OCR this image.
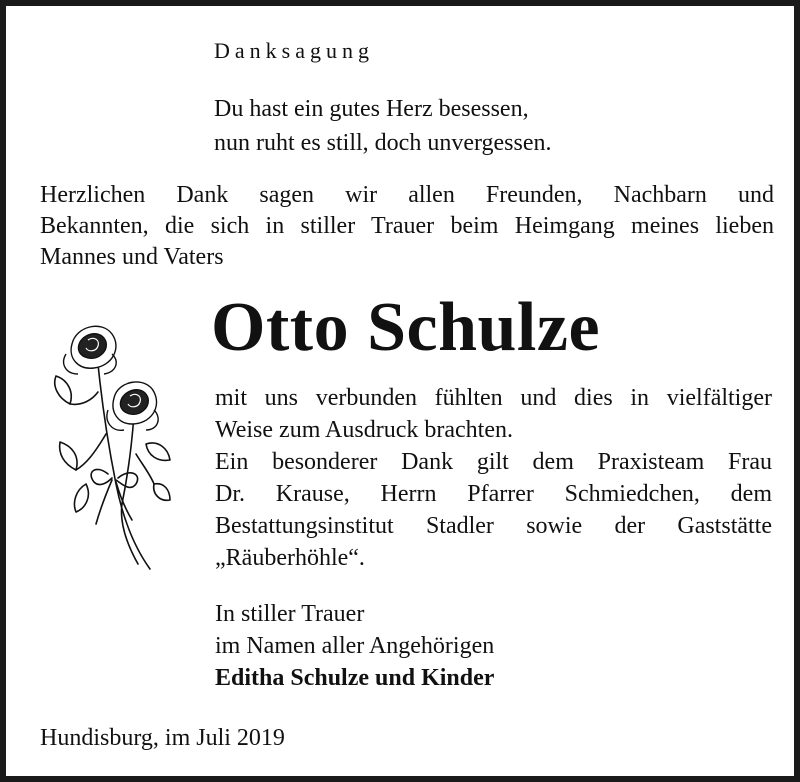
Danksagung
Du hast ein gutes Herz besessen,
nun ruht es still, doch unvergessen.
Herzlichen Dank sagen wir allen Freunden, Nachbarn und
Bekannten, die sich in stiller Trauer beim Heimgang meines lieben
Mannes und Vaters
Otto Schulze
mit uns verbunden fühlten und dies in vielfältiger
Weise zum Ausdruck brachten.
Ein besonderer Dank gilt dem Praxisteam Frau
Dr. Krause, Herrn Pfarrer Schmiedchen, dem
Bestattungsinstitut Stadler sowie der Gaststätte
„Räuberhöhle“.
In stiller Trauer
im Namen aller Angehörigen
Editha Schulze und Kinder
Hundisburg, im Juli 2019
